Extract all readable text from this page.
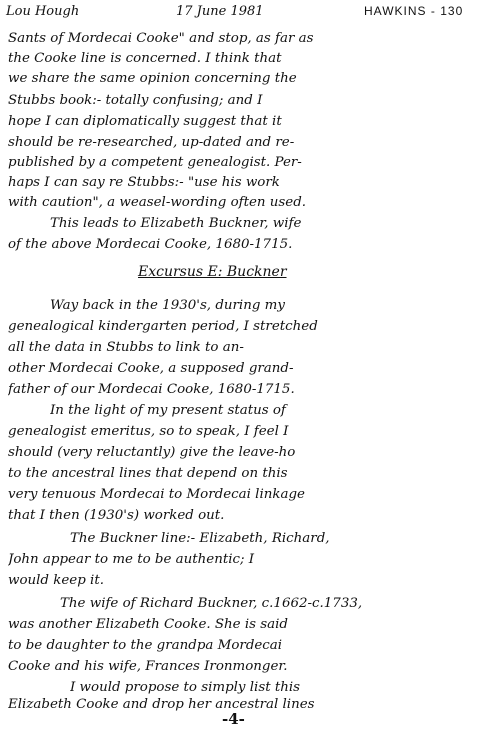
Lou Hough	17 June 1981	HAWKINS - 130
Sants of Mordecai Cooke" and stop, as far as
the Cooke line is concerned. I think that
we share the same opinion concerning the
Stubbs book:- totally confusing; and I
hope I can diplomatically suggest that it
should be re-researched, up-dated and re-
published by a competent genealogist. Per-
haps I can say re Stubbs:- "use his work
with caution", a weasel-wording often used.
This leads to Elizabeth Buckner, wife
of the above Mordecai Cooke, 1680-1715.
Excursus E: Buckner
Way back in the 1930's, during my
genealogical kindergarten period, I stretched
all the data in Stubbs to link to an-
other Mordecai Cooke, a supposed grand-
father of our Mordecai Cooke, 1680-1715.
In the light of my present status of
genealogist emeritus, so to speak, I feel I
should (very reluctantly) give the leave-ho
to the ancestral lines that depend on this
very tenuous Mordecai to Mordecai linkage
that I then (1930's) worked out.
The Buckner line:- Elizabeth, Richard,
John appear to me to be authentic; I
would keep it.
The wife of Richard Buckner, c.1662-c.1733,
was another Elizabeth Cooke. She is said
to be daughter to the grandpa Mordecai
Cooke and his wife, Frances Ironmonger.
I would propose to simply list this
Elizabeth Cooke and drop her ancestral lines
-4-
